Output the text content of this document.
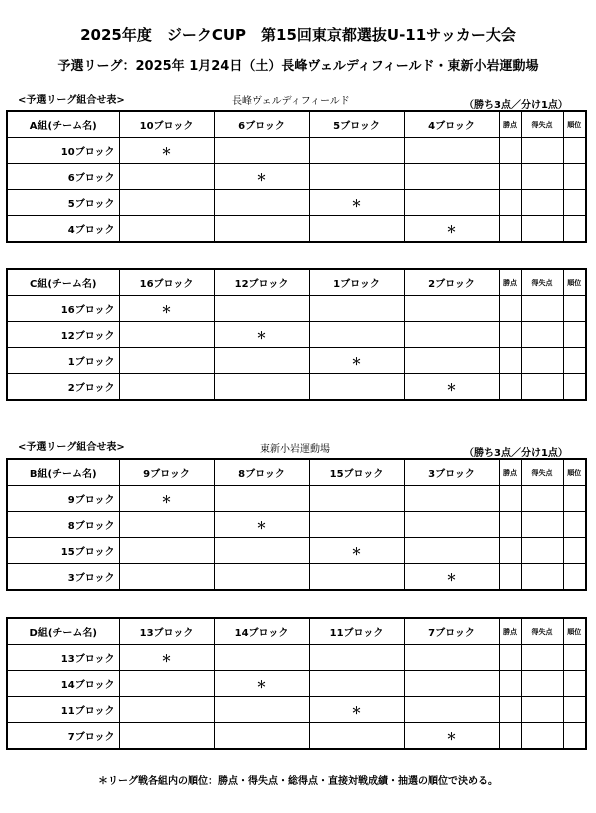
2025年度　ジークCUP　第15回東京都選抜U-11サッカー大会
予選リーグ：2025年 1月24日（土）長峰ヴェルディフィールド・東新小岩運動場
<予選リーグ組合せ表>	長峰ヴェルディフィールド	（勝ち3点／分け1点）
<予選リーグ組合せ表>	東新小岩運動場	（勝ち3点／分け1点）
A組(チーム名)	10ブロック	6ブロック	5ブロック	4ブロック	勝点	得失点	順位
10ブロック	＊						
6ブロック		＊					
5ブロック			＊				
4ブロック				＊			
C組(チーム名)	16ブロック	12ブロック	1ブロック	2ブロック	勝点	得失点	順位
16ブロック	＊						
12ブロック		＊					
1ブロック			＊				
2ブロック				＊			
B組(チーム名)	9ブロック	8ブロック	15ブロック	3ブロック	勝点	得失点	順位
9ブロック	＊						
8ブロック		＊					
15ブロック			＊				
3ブロック				＊			
D組(チーム名)	13ブロック	14ブロック	11ブロック	7ブロック	勝点	得失点	順位
13ブロック	＊						
14ブロック		＊					
11ブロック			＊				
7ブロック				＊			
＊リーグ戦各組内の順位：勝点・得失点・総得点・直接対戦成績・抽選の順位で決める。
